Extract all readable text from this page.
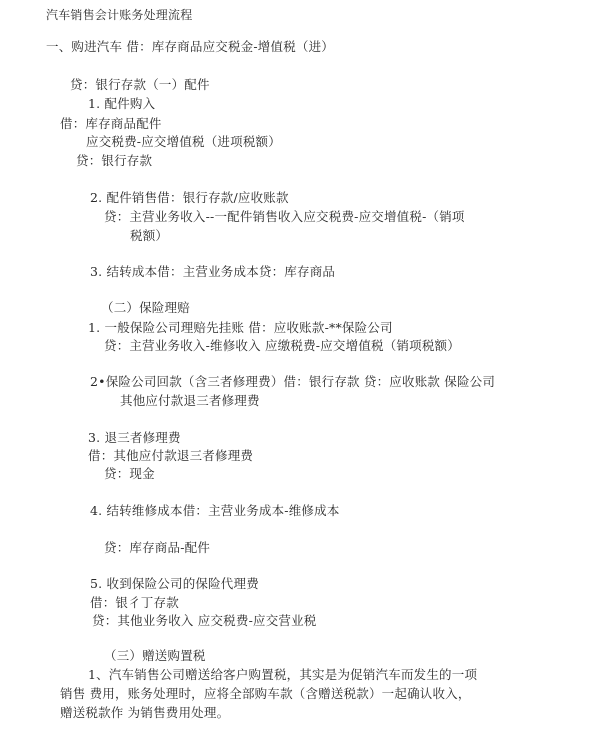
汽车销售会计账务处理流程
一、购进汽车 借：库存商品应交税金-增值税（进）
贷：银行存款（一）配件
1. 配件购入
借：库存商品配件
应交税费-应交增值税（进项税额）
贷：银行存款
2. 配件销售借：银行存款/应收账款
贷：主营业务收入--一配件销售收入应交税费-应交增值税-（销项
税额）
3. 结转成本借：主营业务成本贷：库存商品
（二）保险理赔
1. 一般保险公司理赔先挂账 借：应收账款-**保险公司
贷：主营业务收入-维修收入 应缴税费-应交增值税（销项税额）
2•保险公司回款（含三者修理费）借：银行存款 贷：应收账款 保险公司
其他应付款退三者修理费
3. 退三者修理费
借：其他应付款退三者修理费
贷：现金
4. 结转维修成本借：主营业务成本-维修成本
贷：库存商品-配件
5. 收到保险公司的保险代理费
借：银彳丁存款
贷：其他业务收入 应交税费-应交营业税
（三）赠送购置税
1、汽车销售公司赠送给客户购置税，其实是为促销汽车而发生的一项
销售 费用，账务处理时，应将全部购车款（含赠送税款）一起确认收入，
赠送税款作 为销售费用处理。
